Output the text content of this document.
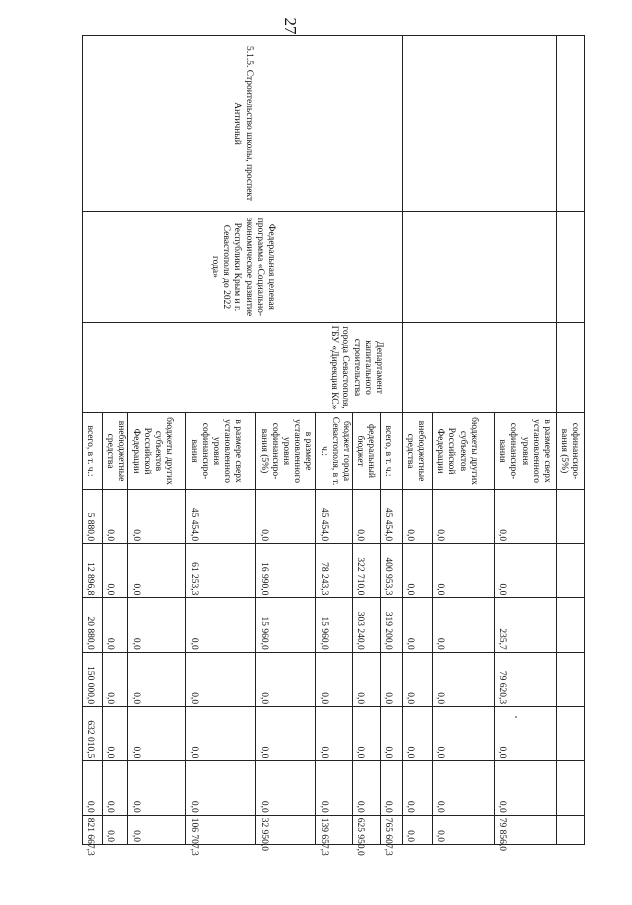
27
			софинансиро-вания (5%)							
			в размере сверх установленного уровня софинансиро-вания	0,0	0,0	235,7	79 620,3	0,0	0,0	79 856,0
			бюджеты других субъектов Российской Федерации	0,0	0,0	0,0	0,0	0,0	0,0	0,0
			внебюджетные средства	0,0	0,0	0,0	0,0	0,0	0,0	0,0
5.1.5. Строительство школы, проспект Античный	Федеральная целевая программа «Социально-экономическое развитие Республики Крым и г. Севастополя до 2022 года»	Департамент капитального строительства города Севастополя, ГБУ «Дирекция КС»	всего, в т. ч.:	45 454,0	400 953,3	319 200,0	0,0	0,0	0,0	765 607,3
			федеральный бюджет	0,0	322 710,0	303 240,0	0,0	0,0	0,0	625 950,0
			бюджет города Севастополя, в т. ч.:	45 454,0	78 243,3	15 960,0	0,0	0,0	0,0	139 657,3
			в размере установленного уровня софинансиро-вания (5%)	0,0	16 990,0	15 960,0	0,0	0,0	0,0	32 950,0
			в размере сверх установленного уровня софинансиро-вания	45 454,0	61 253,3	0,0	0,0	0,0	0,0	106 707,3
			бюджеты других субъектов Российской Федерации	0,0	0,0	0,0	0,0	0,0	0,0	0,0
			внебюджетные средства	0,0	0,0	0,0	0,0	0,0	0,0	0,0
			всего, в т. ч.:	5 880,0	12 896,8	20 880,0	150 000,0	632 010,5	0,0	821 667,3
